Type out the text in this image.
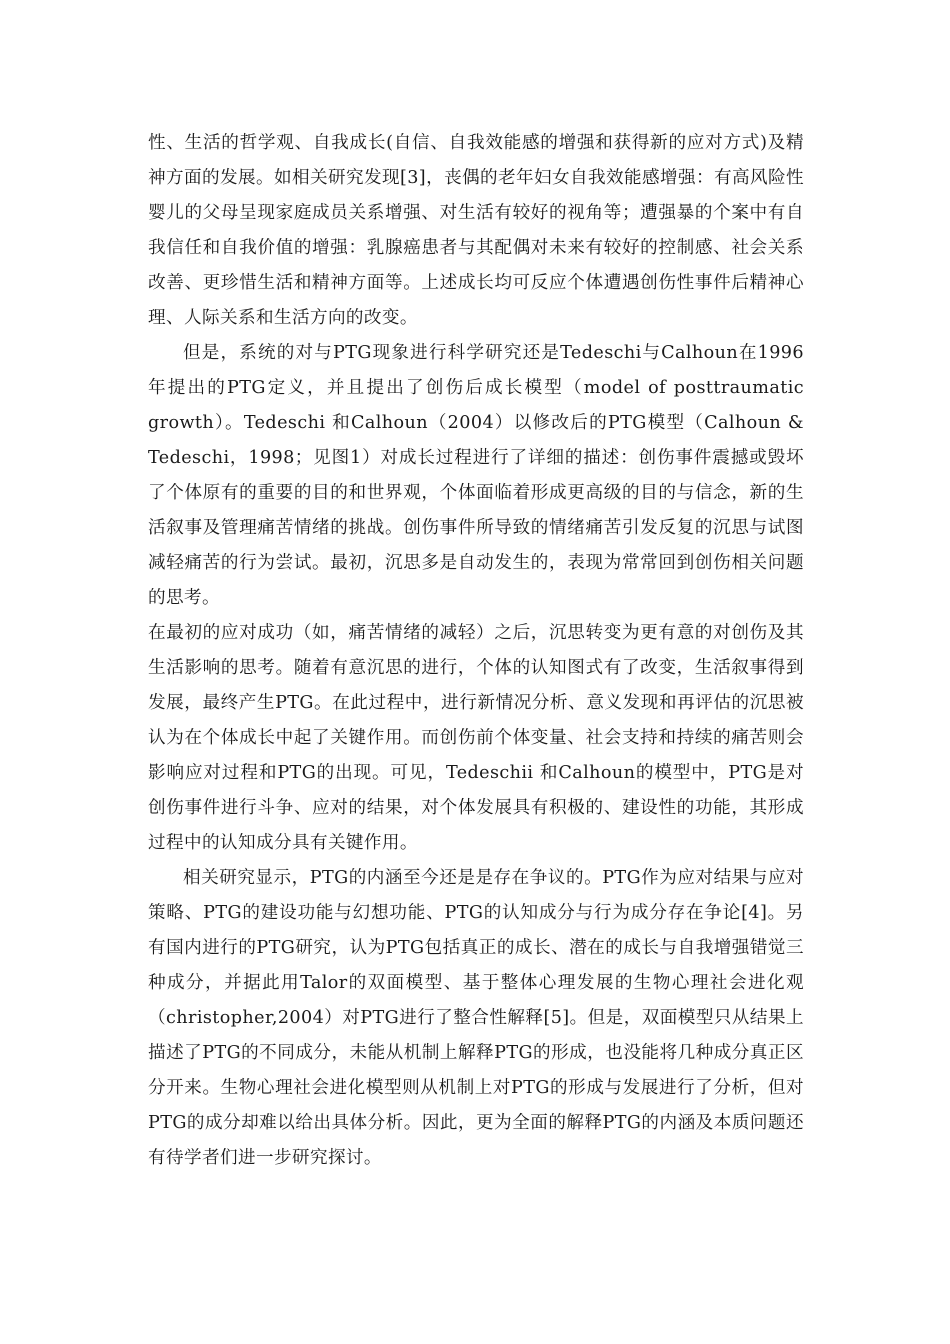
性、生活的哲学观、自我成长(自信、自我效能感的增强和获得新的应对方式)及精神方面的发展。如相关研究发现[3]，丧偶的老年妇女自我效能感增强：有高风险性婴儿的父母呈现家庭成员关系增强、对生活有较好的视角等；遭强暴的个案中有自我信任和自我价值的增强：乳腺癌患者与其配偶对未来有较好的控制感、社会关系改善、更珍惜生活和精神方面等。上述成长均可反应个体遭遇创伤性事件后精神心理、人际关系和生活方向的改变。

但是，系统的对与PTG现象进行科学研究还是Tedeschi与Calhoun在1996年提出的PTG定义，并且提出了创伤后成长模型（model of posttraumatic growth）。Tedeschi 和Calhoun（2004）以修改后的PTG模型（Calhoun & Tedeschi，1998；见图1）对成长过程进行了详细的描述：创伤事件震撼或毁坏了个体原有的重要的目的和世界观，个体面临着形成更高级的目的与信念，新的生活叙事及管理痛苦情绪的挑战。创伤事件所导致的情绪痛苦引发反复的沉思与试图减轻痛苦的行为尝试。最初，沉思多是自动发生的，表现为常常回到创伤相关问题的思考。

在最初的应对成功（如，痛苦情绪的减轻）之后，沉思转变为更有意的对创伤及其生活影响的思考。随着有意沉思的进行，个体的认知图式有了改变，生活叙事得到发展，最终产生PTG。在此过程中，进行新情况分析、意义发现和再评估的沉思被认为在个体成长中起了关键作用。而创伤前个体变量、社会支持和持续的痛苦则会影响应对过程和PTG的出现。可见，Tedeschii 和Calhoun的模型中，PTG是对创伤事件进行斗争、应对的结果，对个体发展具有积极的、建设性的功能，其形成过程中的认知成分具有关键作用。

相关研究显示，PTG的内涵至今还是是存在争议的。PTG作为应对结果与应对策略、PTG的建设功能与幻想功能、PTG的认知成分与行为成分存在争论[4]。另有国内进行的PTG研究，认为PTG包括真正的成长、潜在的成长与自我增强错觉三种成分，并据此用Talor的双面模型、基于整体心理发展的生物心理社会进化观（christopher,2004）对PTG进行了整合性解释[5]。但是，双面模型只从结果上描述了PTG的不同成分，未能从机制上解释PTG的形成，也没能将几种成分真正区分开来。生物心理社会进化模型则从机制上对PTG的形成与发展进行了分析，但对PTG的成分却难以给出具体分析。因此，更为全面的解释PTG的内涵及本质问题还有待学者们进一步研究探讨。
